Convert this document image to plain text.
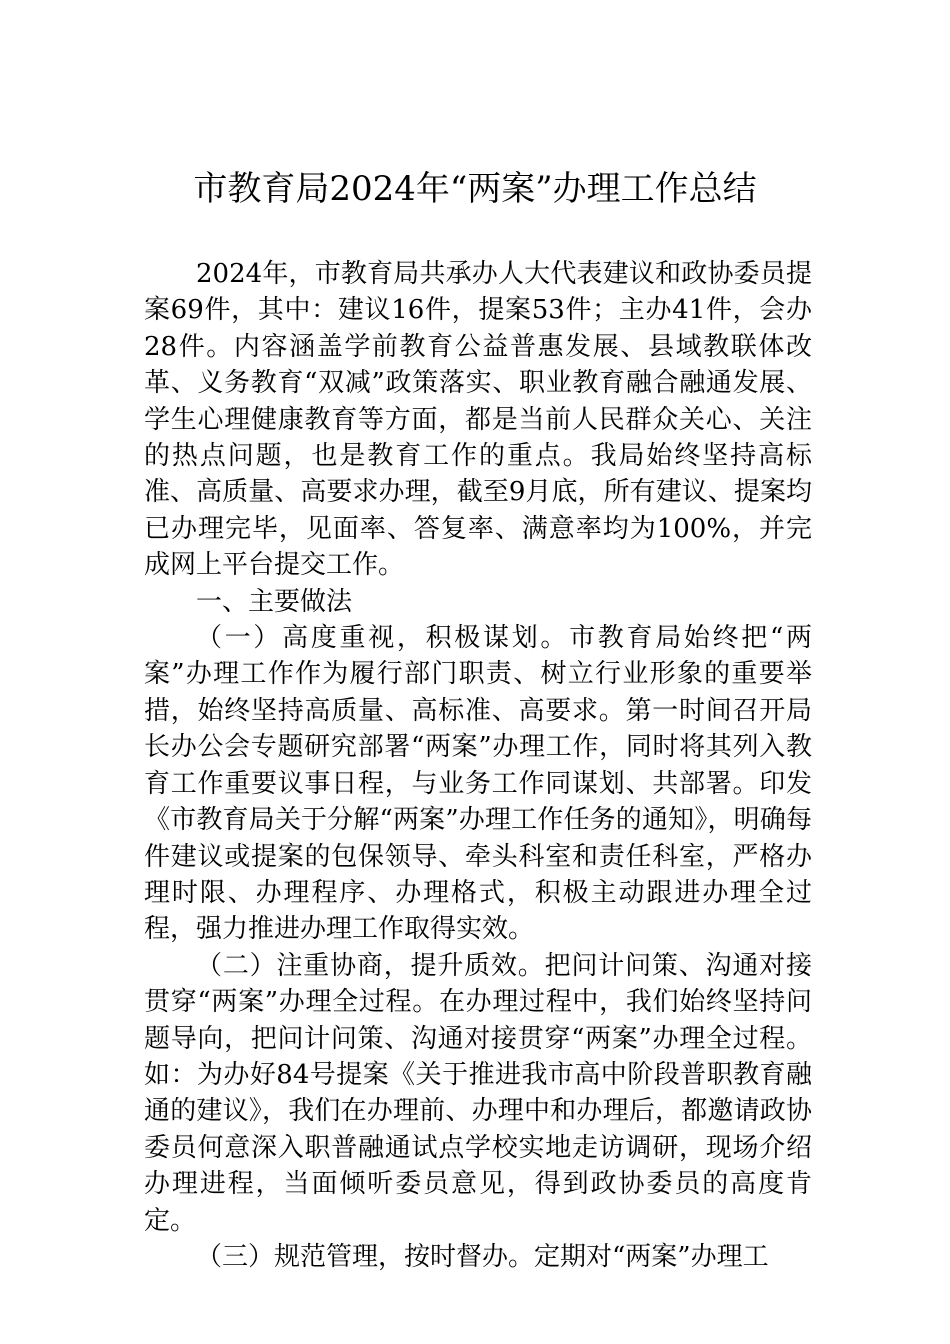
市教育局2024年“两案”办理工作总结

2024年，市教育局共承办人大代表建议和政协委员提案69件，其中：建议16件，提案53件；主办41件，会办28件。内容涵盖学前教育公益普惠发展、县域教联体改革、义务教育“双减”政策落实、职业教育融合融通发展、学生心理健康教育等方面，都是当前人民群众关心、关注的热点问题，也是教育工作的重点。我局始终坚持高标准、高质量、高要求办理，截至9月底，所有建议、提案均已办理完毕，见面率、答复率、满意率均为100%，并完成网上平台提交工作。

一、主要做法

（一）高度重视，积极谋划。市教育局始终把“两案”办理工作作为履行部门职责、树立行业形象的重要举措，始终坚持高质量、高标准、高要求。第一时间召开局长办公会专题研究部署“两案”办理工作，同时将其列入教育工作重要议事日程，与业务工作同谋划、共部署。印发《市教育局关于分解“两案”办理工作任务的通知》，明确每件建议或提案的包保领导、牵头科室和责任科室，严格办理时限、办理程序、办理格式，积极主动跟进办理全过程，强力推进办理工作取得实效。

（二）注重协商，提升质效。把问计问策、沟通对接贯穿“两案”办理全过程。在办理过程中，我们始终坚持问题导向，把问计问策、沟通对接贯穿“两案”办理全过程。如：为办好84号提案《关于推进我市高中阶段普职教育融通的建议》，我们在办理前、办理中和办理后，都邀请政协委员何意深入职普融通试点学校实地走访调研，现场介绍办理进程，当面倾听委员意见，得到政协委员的高度肯定。

（三）规范管理，按时督办。定期对“两案”办理工
